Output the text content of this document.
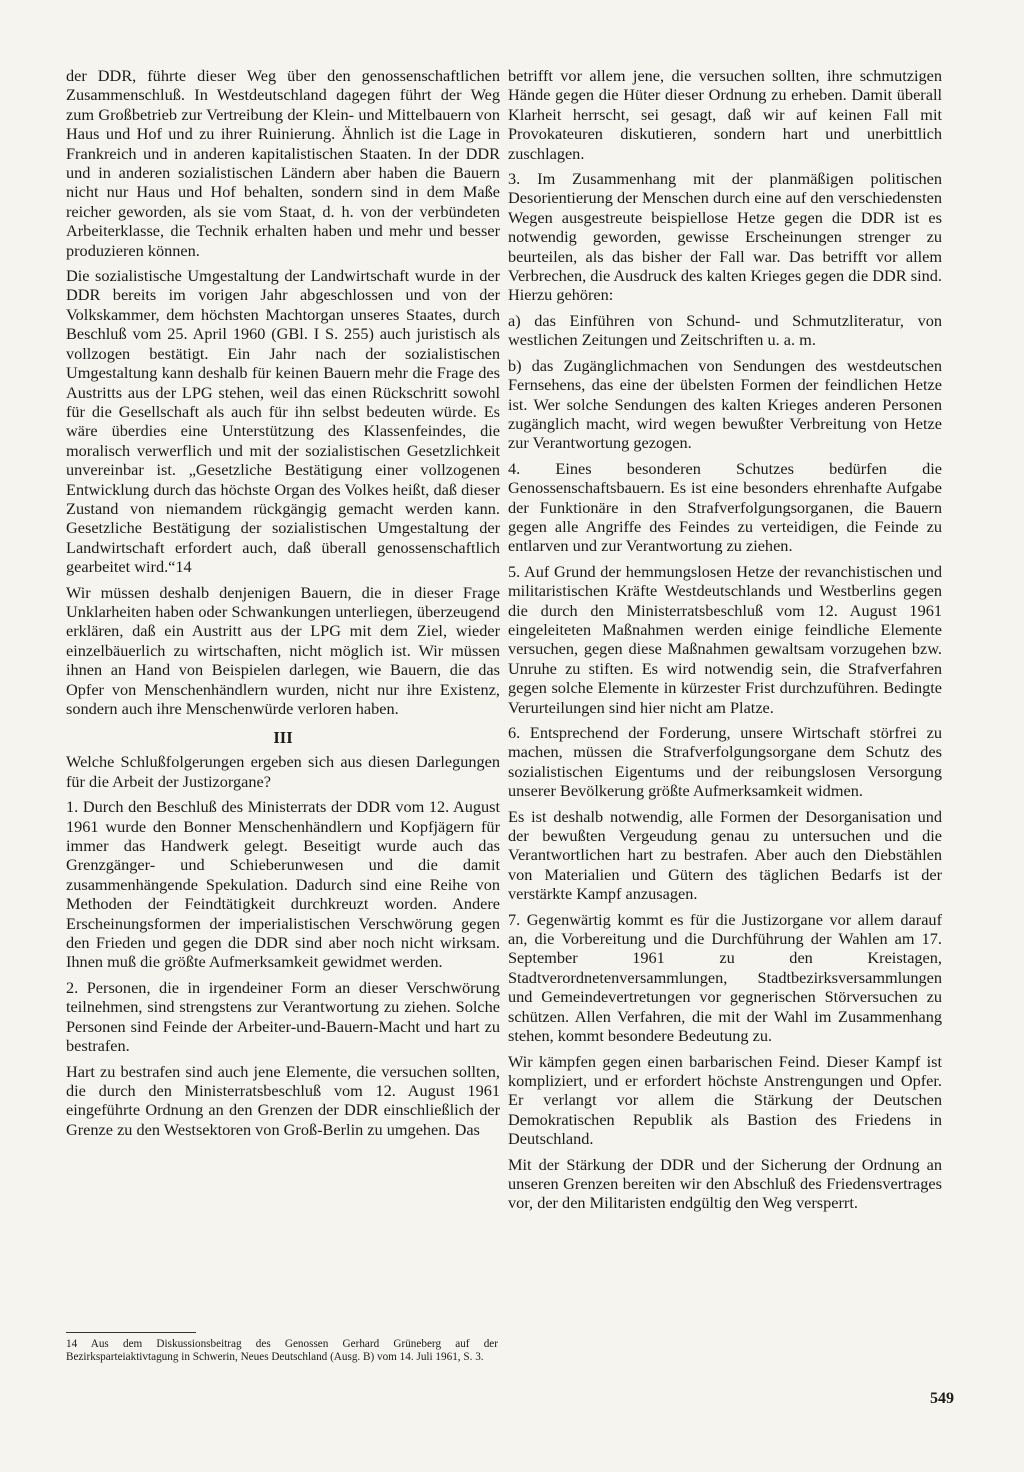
der DDR, führte dieser Weg über den genossenschaftlichen Zusammenschluß. In Westdeutschland dagegen führt der Weg zum Großbetrieb zur Vertreibung der Klein- und Mittelbauern von Haus und Hof und zu ihrer Ruinierung. Ähnlich ist die Lage in Frankreich und in anderen kapitalistischen Staaten. In der DDR und in anderen sozialistischen Ländern aber haben die Bauern nicht nur Haus und Hof behalten, sondern sind in dem Maße reicher geworden, als sie vom Staat, d. h. von der verbündeten Arbeiterklasse, die Technik erhalten haben und mehr und besser produzieren können.

Die sozialistische Umgestaltung der Landwirtschaft wurde in der DDR bereits im vorigen Jahr abgeschlossen und von der Volkskammer, dem höchsten Machtorgan unseres Staates, durch Beschluß vom 25. April 1960 (GBl. I S. 255) auch juristisch als vollzogen bestätigt. Ein Jahr nach der sozialistischen Umgestaltung kann deshalb für keinen Bauern mehr die Frage des Austritts aus der LPG stehen, weil das einen Rückschritt sowohl für die Gesellschaft als auch für ihn selbst bedeuten würde. Es wäre überdies eine Unterstützung des Klassenfeindes, die moralisch verwerflich und mit der sozialistischen Gesetzlichkeit unvereinbar ist. „Gesetzliche Bestätigung einer vollzogenen Entwicklung durch das höchste Organ des Volkes heißt, daß dieser Zustand von niemandem rückgängig gemacht werden kann. Gesetzliche Bestätigung der sozialistischen Umgestaltung der Landwirtschaft erfordert auch, daß überall genossenschaftlich gearbeitet wird.“14

Wir müssen deshalb denjenigen Bauern, die in dieser Frage Unklarheiten haben oder Schwankungen unterliegen, überzeugend erklären, daß ein Austritt aus der LPG mit dem Ziel, wieder einzelbäuerlich zu wirtschaften, nicht möglich ist. Wir müssen ihnen an Hand von Beispielen darlegen, wie Bauern, die das Opfer von Menschenhändlern wurden, nicht nur ihre Existenz, sondern auch ihre Menschenwürde verloren haben.

III

Welche Schlußfolgerungen ergeben sich aus diesen Darlegungen für die Arbeit der Justizorgane?

1. Durch den Beschluß des Ministerrats der DDR vom 12. August 1961 wurde den Bonner Menschenhändlern und Kopfjägern für immer das Handwerk gelegt. Beseitigt wurde auch das Grenzgänger- und Schieberunwesen und die damit zusammenhängende Spekulation. Dadurch sind eine Reihe von Methoden der Feindtätigkeit durchkreuzt worden. Andere Erscheinungsformen der imperialistischen Verschwörung gegen den Frieden und gegen die DDR sind aber noch nicht wirksam. Ihnen muß die größte Aufmerksamkeit gewidmet werden.

2. Personen, die in irgendeiner Form an dieser Verschwörung teilnehmen, sind strengstens zur Verantwortung zu ziehen. Solche Personen sind Feinde der Arbeiter-und-Bauern-Macht und hart zu bestrafen.

Hart zu bestrafen sind auch jene Elemente, die versuchen sollten, die durch den Ministerratsbeschluß vom 12. August 1961 eingeführte Ordnung an den Grenzen der DDR einschließlich der Grenze zu den Westsektoren von Groß-Berlin zu umgehen. Das

betrifft vor allem jene, die versuchen sollten, ihre schmutzigen Hände gegen die Hüter dieser Ordnung zu erheben. Damit überall Klarheit herrscht, sei gesagt, daß wir auf keinen Fall mit Provokateuren diskutieren, sondern hart und unerbittlich zuschlagen.

3. Im Zusammenhang mit der planmäßigen politischen Desorientierung der Menschen durch eine auf den verschiedensten Wegen ausgestreute beispiellose Hetze gegen die DDR ist es notwendig geworden, gewisse Erscheinungen strenger zu beurteilen, als das bisher der Fall war. Das betrifft vor allem Verbrechen, die Ausdruck des kalten Krieges gegen die DDR sind. Hierzu gehören:

a) das Einführen von Schund- und Schmutzliteratur, von westlichen Zeitungen und Zeitschriften u. a. m.

b) das Zugänglichmachen von Sendungen des westdeutschen Fernsehens, das eine der übelsten Formen der feindlichen Hetze ist. Wer solche Sendungen des kalten Krieges anderen Personen zugänglich macht, wird wegen bewußter Verbreitung von Hetze zur Verantwortung gezogen.

4. Eines besonderen Schutzes bedürfen die Genossenschaftsbauern. Es ist eine besonders ehrenhafte Aufgabe der Funktionäre in den Strafverfolgungsorganen, die Bauern gegen alle Angriffe des Feindes zu verteidigen, die Feinde zu entlarven und zur Verantwortung zu ziehen.

5. Auf Grund der hemmungslosen Hetze der revanchistischen und militaristischen Kräfte Westdeutschlands und Westberlins gegen die durch den Ministerratsbeschluß vom 12. August 1961 eingeleiteten Maßnahmen werden einige feindliche Elemente versuchen, gegen diese Maßnahmen gewaltsam vorzugehen bzw. Unruhe zu stiften. Es wird notwendig sein, die Strafverfahren gegen solche Elemente in kürzester Frist durchzuführen. Bedingte Verurteilungen sind hier nicht am Platze.

6. Entsprechend der Forderung, unsere Wirtschaft störfrei zu machen, müssen die Strafverfolgungsorgane dem Schutz des sozialistischen Eigentums und der reibungslosen Versorgung unserer Bevölkerung größte Aufmerksamkeit widmen.

Es ist deshalb notwendig, alle Formen der Desorganisation und der bewußten Vergeudung genau zu untersuchen und die Verantwortlichen hart zu bestrafen. Aber auch den Diebstählen von Materialien und Gütern des täglichen Bedarfs ist der verstärkte Kampf anzusagen.

7. Gegenwärtig kommt es für die Justizorgane vor allem darauf an, die Vorbereitung und die Durchführung der Wahlen am 17. September 1961 zu den Kreistagen, Stadtverordnetenversammlungen, Stadtbezirksversammlungen und Gemeindevertretungen vor gegnerischen Störversuchen zu schützen. Allen Verfahren, die mit der Wahl im Zusammenhang stehen, kommt besondere Bedeutung zu.

Wir kämpfen gegen einen barbarischen Feind. Dieser Kampf ist kompliziert, und er erfordert höchste Anstrengungen und Opfer. Er verlangt vor allem die Stärkung der Deutschen Demokratischen Republik als Bastion des Friedens in Deutschland.

Mit der Stärkung der DDR und der Sicherung der Ordnung an unseren Grenzen bereiten wir den Abschluß des Friedensvertrages vor, der den Militaristen endgültig den Weg versperrt.

14 Aus dem Diskussionsbeitrag des Genossen Gerhard Grüneberg auf der Bezirksparteiaktivtagung in Schwerin, Neues Deutschland (Ausg. B) vom 14. Juli 1961, S. 3.

549
